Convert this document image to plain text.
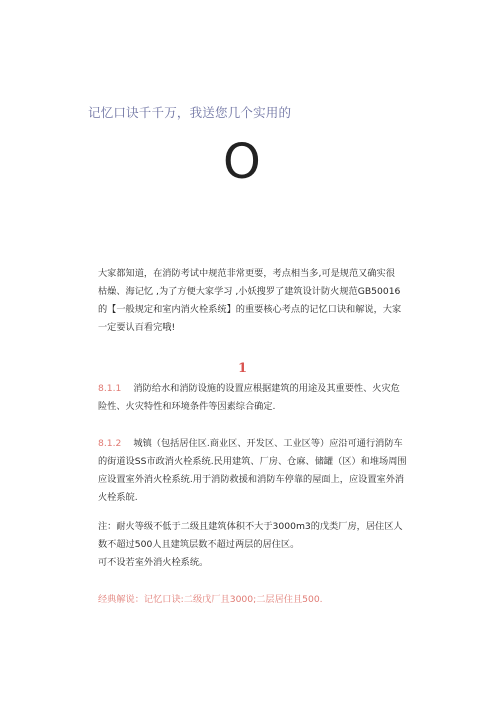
记忆口诀千千万，我送您几个实用的
O
大家都知道，在消防考试中规范非常更要，考点相当多,可是规范又确实很枯燥、海记忆 ,为了方便大家学习 ,小妖搜罗了建筑设计防火规范GB50016的【一般规定和室内消火栓系统】的重要核心考点的记忆口诀和解说，大家一定要认百看完哦!
1
8.1.1 消防给水和消防设施的设置应根据建筑的用途及其重要性、火灾危险性、火灾特性和环境条件等因素综合确定.
8.1.2 城镇（包括居住区.商业区、开发区、工业区等）应沿可通行消防车的街道设SS市政消火栓系统.民用建筑、厂房、仓麻、储罐（区）和堆场周围应设置室外消火栓系统.用于消防救援和消防车停靠的屋面上，应设置室外消火栓系皖.

注：耐火等级不低于二级且建筑体积不大于3000m3的戊类厂房，居住区人数不超过500人且建筑层数不超过两层的居住区。

可不设若室外消火栓系统。

经典解说：记忆口诀:二级戊厂且3000;二层居住且500.
